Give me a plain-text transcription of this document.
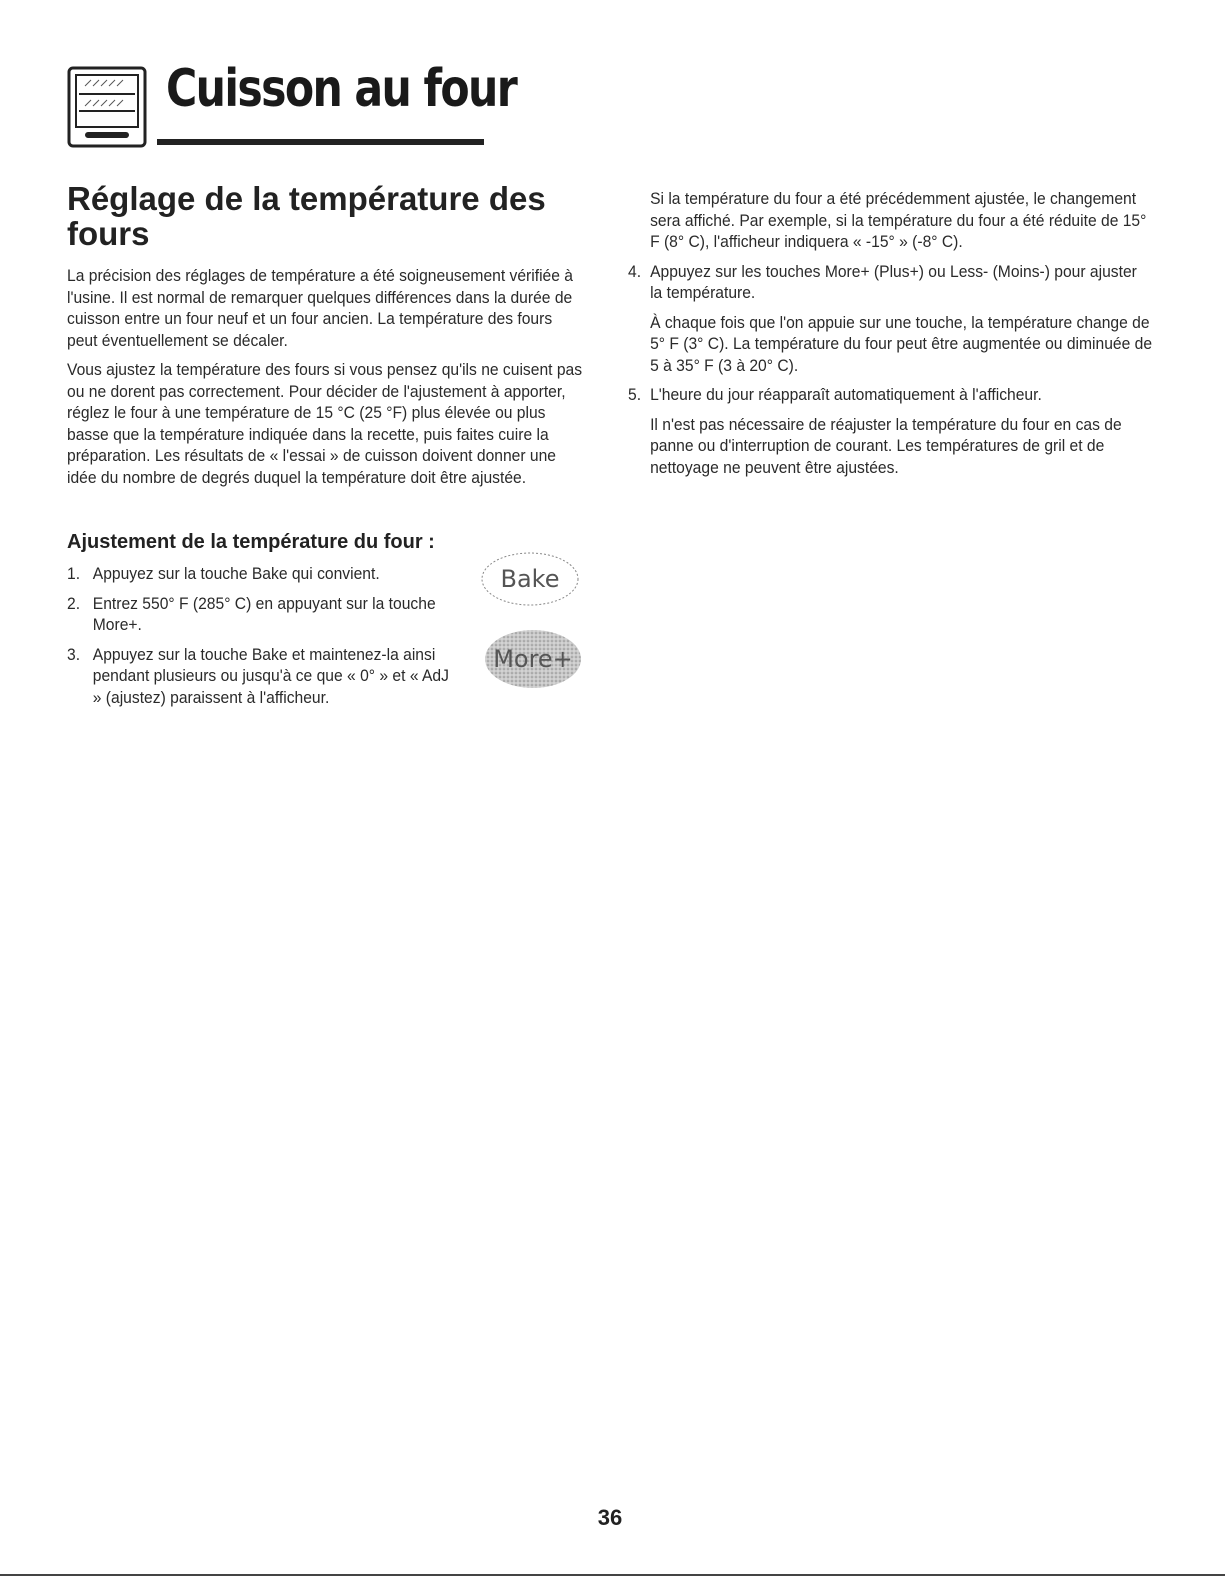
Cuisson au four
Réglage de la température des fours

La précision des réglages de température a été soigneusement vérifiée à l'usine. Il est normal de remarquer quelques différences dans la durée de cuisson entre un four neuf et un four ancien. La température des fours peut éventuellement se décaler.

Vous ajustez la température des fours si vous pensez qu'ils ne cuisent pas ou ne dorent pas correctement. Pour décider de l'ajustement à apporter, réglez le four à une température de 15 °C (25 °F) plus élevée ou plus basse que la température indiquée dans la recette, puis faites cuire la préparation. Les résultats de « l'essai » de cuisson doivent donner une idée du nombre de degrés duquel la température doit être ajustée.

Ajustement de la température du four :
1. Appuyez sur la touche Bake qui convient.
2. Entrez 550° F (285° C) en appuyant sur la touche More+.
3. Appuyez sur la touche Bake et maintenez-la ainsi pendant plusieurs ou jusqu'à ce que « 0° » et « AdJ » (ajustez) paraissent à l'afficheur.
Bake
More+

Si la température du four a été précédemment ajustée, le changement sera affiché. Par exemple, si la température du four a été réduite de 15° F (8° C), l'afficheur indiquera « -15° » (-8° C).

4. Appuyez sur les touches More+ (Plus+) ou Less- (Moins-) pour ajuster la température.

À chaque fois que l'on appuie sur une touche, la température change de 5° F (3° C). La température du four peut être augmentée ou diminuée de 5 à 35° F (3 à 20° C).

5. L'heure du jour réapparaît automatiquement à l'afficheur.

Il n'est pas nécessaire de réajuster la température du four en cas de panne ou d'interruption de courant. Les températures de gril et de nettoyage ne peuvent être ajustées.

36
